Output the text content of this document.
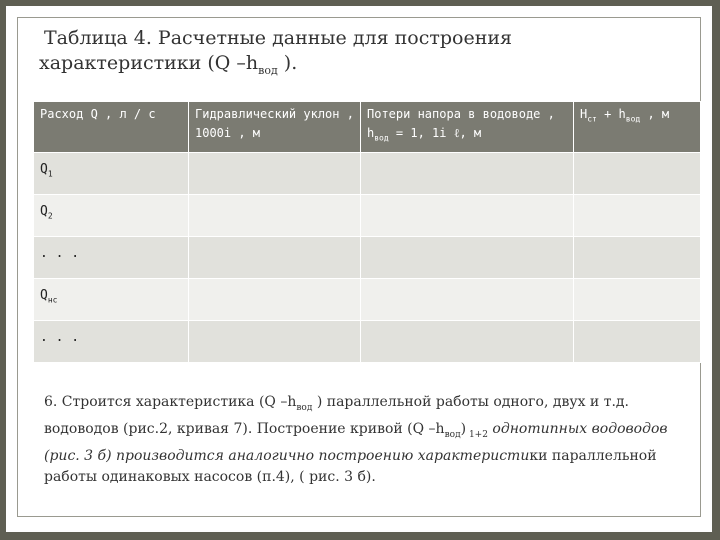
Таблица 4. Расчетные данные для построения
характеристики (Q $-h_{вод}$ ).
Расход Q , л / с	Гидравлический уклон , 1000i , м	Потери напора в водоводе , $h_{вод} = 1$, 1i ℓ, м	$H_{ст} + h_{вод}$ , м
$Q_1$			
$Q_2$			
. . .			
$Q_{нс}$			
. . .			
6. Строится характеристика (Q $-h_{вод}$ ) параллельной работы одного, двух и т.д. водоводов (рис.2, кривая 7). Построение кривой (Q $-h_{вод}$) $_{1+2}$ однотипных водоводов (рис. 3 б) производится аналогично построению характеристики параллельной работы одинаковых насосов (п.4), ( рис. 3 б).
